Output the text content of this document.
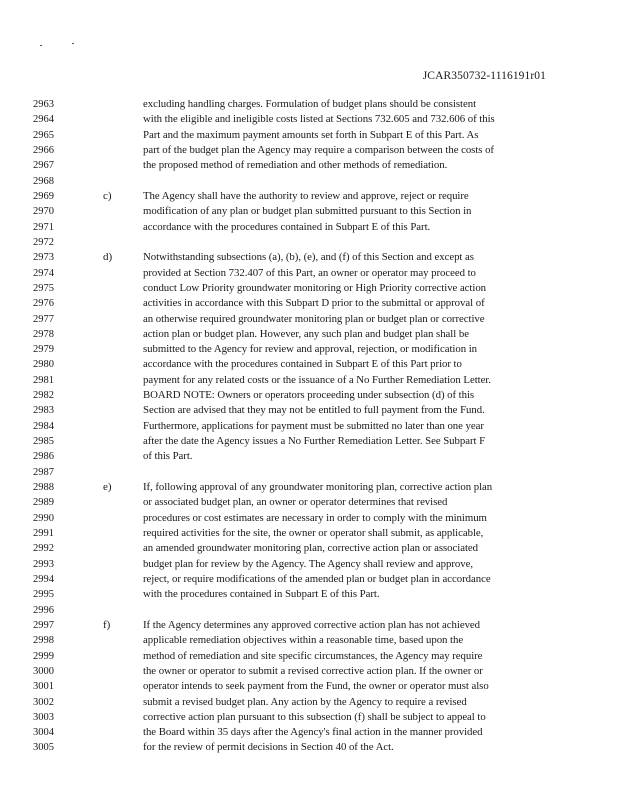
JCAR350732-1116191r01
2963	excluding handling charges. Formulation of budget plans should be consistent
2964	with the eligible and ineligible costs listed at Sections 732.605 and 732.606 of this
2965	Part and the maximum payment amounts set forth in Subpart E of this Part. As
2966	part of the budget plan the Agency may require a comparison between the costs of
2967	the proposed method of remediation and other methods of remediation.
2968
2969	c)	The Agency shall have the authority to review and approve, reject or require
2970	modification of any plan or budget plan submitted pursuant to this Section in
2971	accordance with the procedures contained in Subpart E of this Part.
2972
2973	d)	Notwithstanding subsections (a), (b), (e), and (f) of this Section and except as
2974	provided at Section 732.407 of this Part, an owner or operator may proceed to
2975	conduct Low Priority groundwater monitoring or High Priority corrective action
2976	activities in accordance with this Subpart D prior to the submittal or approval of
2977	an otherwise required groundwater monitoring plan or budget plan or corrective
2978	action plan or budget plan. However, any such plan and budget plan shall be
2979	submitted to the Agency for review and approval, rejection, or modification in
2980	accordance with the procedures contained in Subpart E of this Part prior to
2981	payment for any related costs or the issuance of a No Further Remediation Letter.
2982	BOARD NOTE: Owners or operators proceeding under subsection (d) of this
2983	Section are advised that they may not be entitled to full payment from the Fund.
2984	Furthermore, applications for payment must be submitted no later than one year
2985	after the date the Agency issues a No Further Remediation Letter. See Subpart F
2986	of this Part.
2987
2988	e)	If, following approval of any groundwater monitoring plan, corrective action plan
2989	or associated budget plan, an owner or operator determines that revised
2990	procedures or cost estimates are necessary in order to comply with the minimum
2991	required activities for the site, the owner or operator shall submit, as applicable,
2992	an amended groundwater monitoring plan, corrective action plan or associated
2993	budget plan for review by the Agency. The Agency shall review and approve,
2994	reject, or require modifications of the amended plan or budget plan in accordance
2995	with the procedures contained in Subpart E of this Part.
2996
2997	f)	If the Agency determines any approved corrective action plan has not achieved
2998	applicable remediation objectives within a reasonable time, based upon the
2999	method of remediation and site specific circumstances, the Agency may require
3000	the owner or operator to submit a revised corrective action plan. If the owner or
3001	operator intends to seek payment from the Fund, the owner or operator must also
3002	submit a revised budget plan. Any action by the Agency to require a revised
3003	corrective action plan pursuant to this subsection (f) shall be subject to appeal to
3004	the Board within 35 days after the Agency's final action in the manner provided
3005	for the review of permit decisions in Section 40 of the Act.
